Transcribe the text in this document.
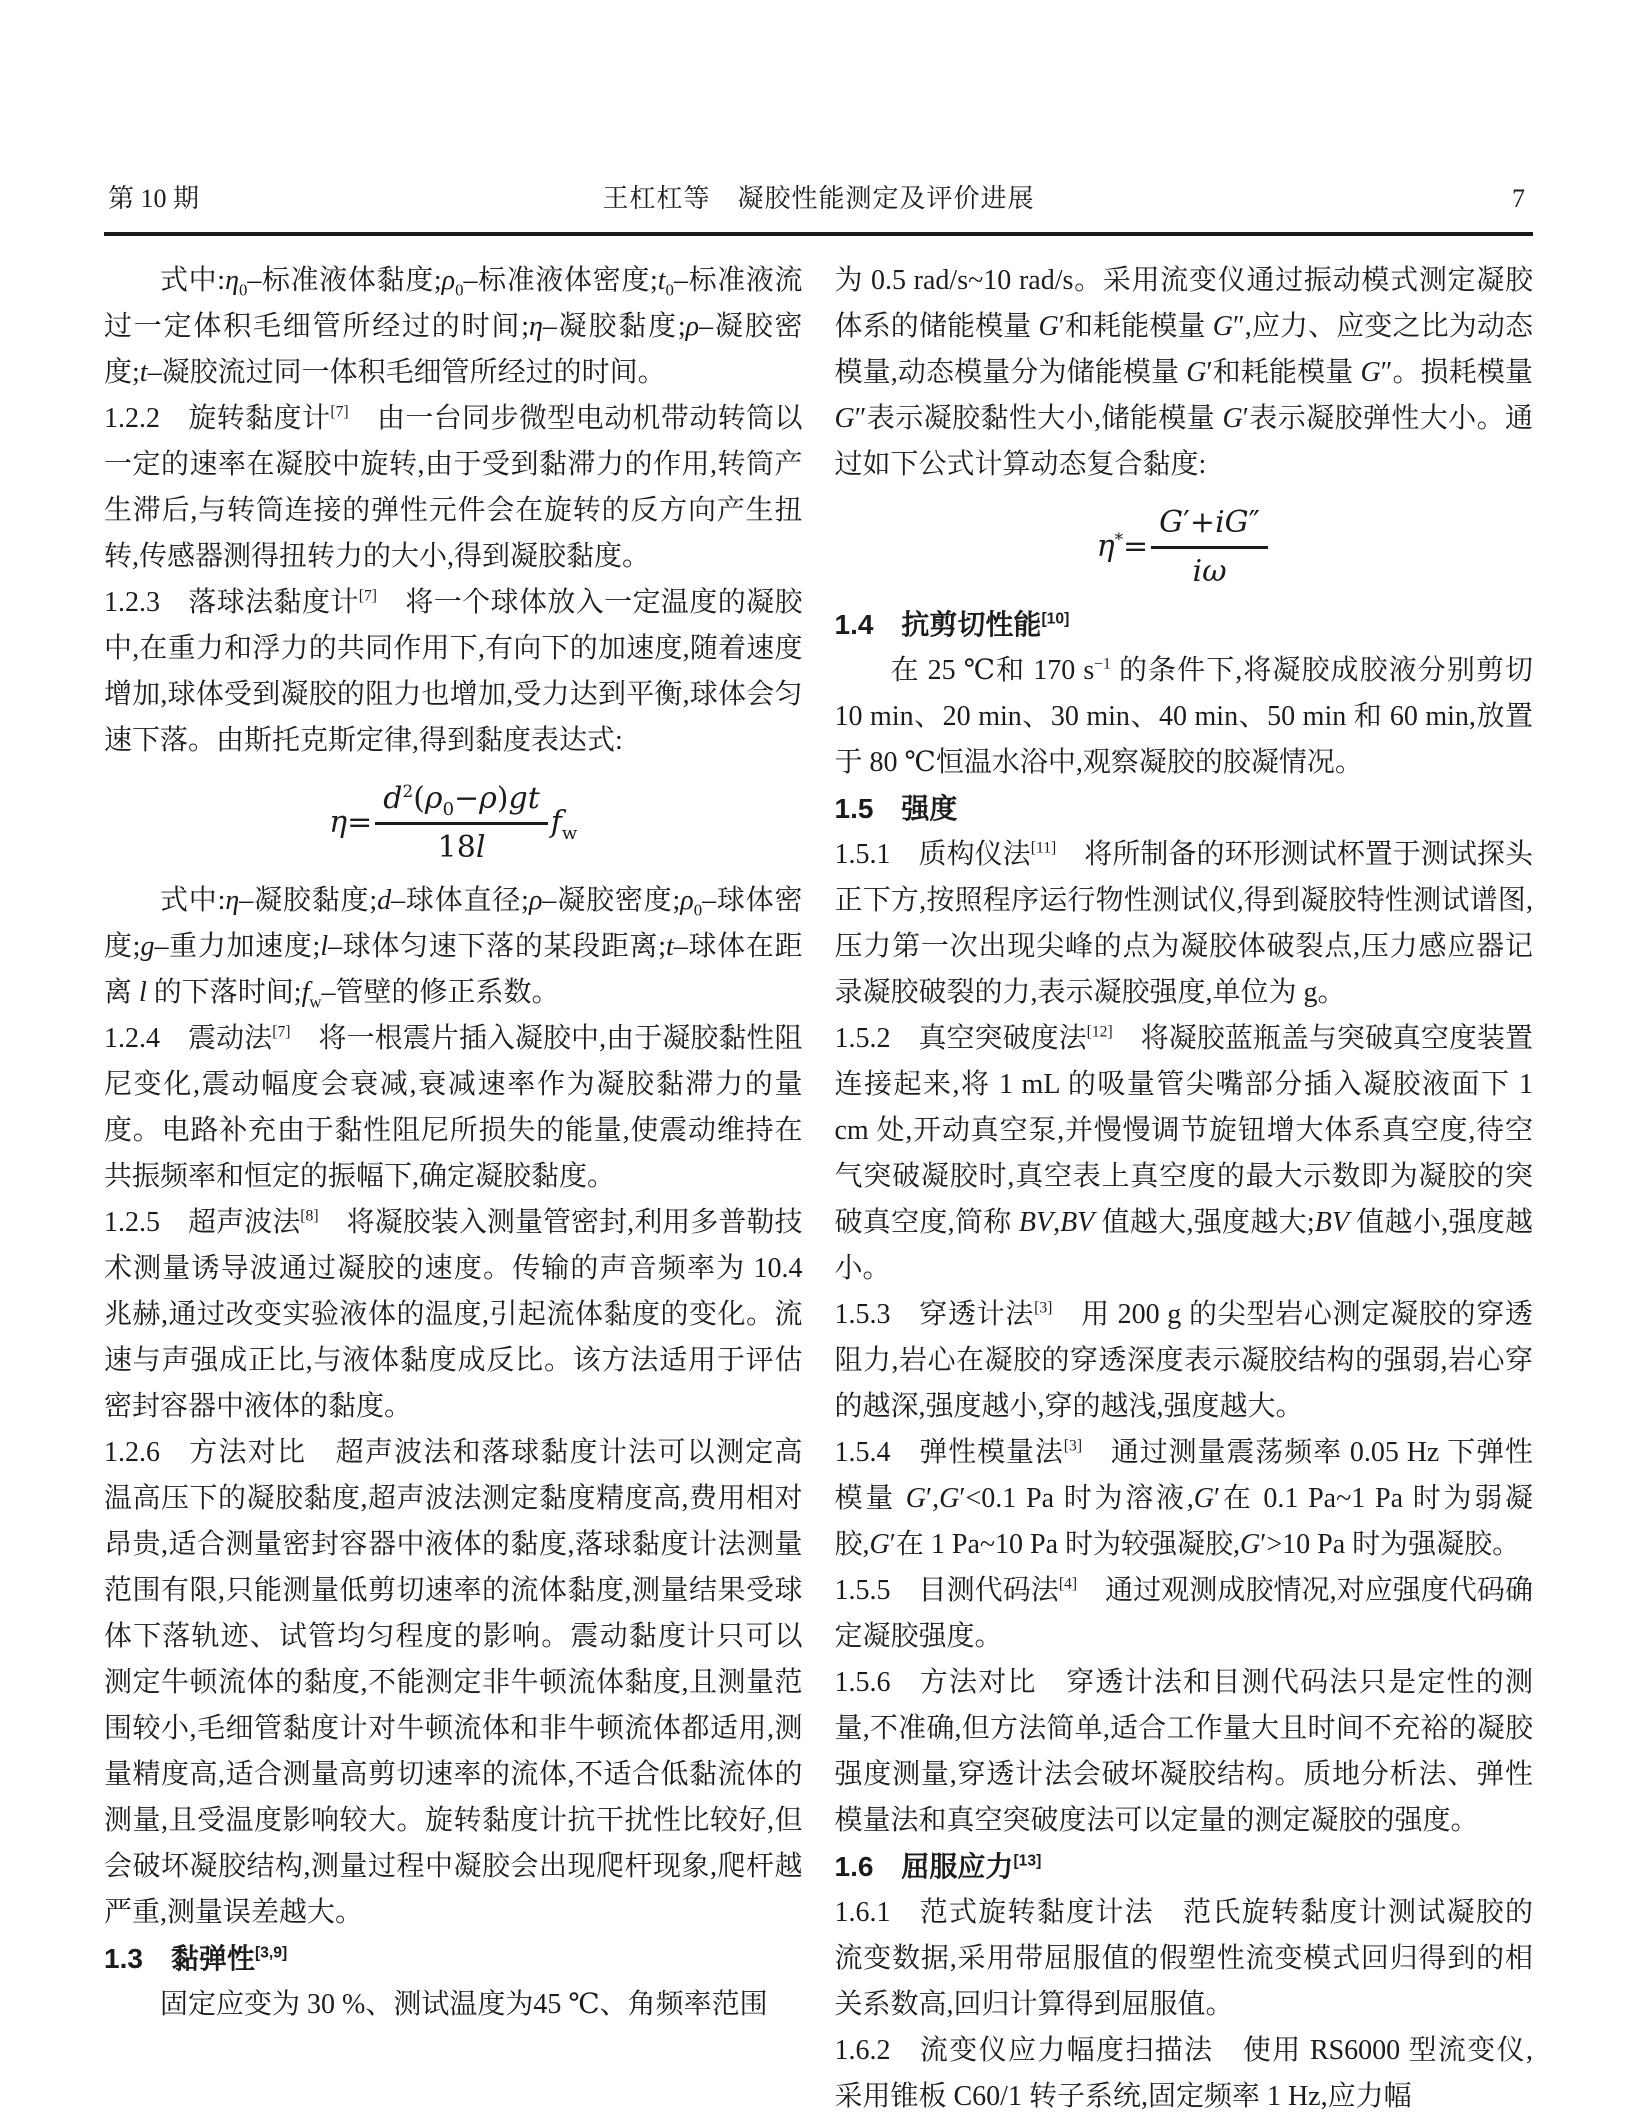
第 10 期	王杠杠等 凝胶性能测定及评价进展	7

式中$:\eta_0-$标准液体黏度$;\rho_0-$标准液体密度$;t_0-$标准液流过一定体积毛细管所经过的时间;η–凝胶黏度;ρ–凝胶密度;t–凝胶流过同一体积毛细管所经过的时间。

1.2.2 旋转黏度计[7] 由一台同步微型电动机带动转筒以一定的速率在凝胶中旋转,由于受到黏滞力的作用,转筒产生滞后,与转筒连接的弹性元件会在旋转的反方向产生扭转,传感器测得扭转力的大小,得到凝胶黏度。

1.2.3 落球法黏度计[7] 将一个球体放入一定温度的凝胶中,在重力和浮力的共同作用下,有向下的加速度,随着速度增加,球体受到凝胶的阻力也增加,受力达到平衡,球体会匀速下落。由斯托克斯定律,得到黏度表达式:

$\eta= \frac{d^2(\rho_0-\rho)gt}{18l} f_w$

式中:η–凝胶黏度;d–球体直径;ρ–凝胶密度$;\rho_0-$球体密度;g–重力加速度;l–球体匀速下落的某段距离;t–球体在距离 l 的下落时间$;f_w-$管壁的修正系数。

1.2.4 震动法[7] 将一根震片插入凝胶中,由于凝胶黏性阻尼变化,震动幅度会衰减,衰减速率作为凝胶黏滞力的量度。电路补充由于黏性阻尼所损失的能量,使震动维持在共振频率和恒定的振幅下,确定凝胶黏度。

1.2.5 超声波法[8] 将凝胶装入测量管密封,利用多普勒技术测量诱导波通过凝胶的速度。传输的声音频率为 10.4 兆赫,通过改变实验液体的温度,引起流体黏度的变化。流速与声强成正比,与液体黏度成反比。该方法适用于评估密封容器中液体的黏度。

1.2.6 方法对比 超声波法和落球黏度计法可以测定高温高压下的凝胶黏度,超声波法测定黏度精度高,费用相对昂贵,适合测量密封容器中液体的黏度,落球黏度计法测量范围有限,只能测量低剪切速率的流体黏度,测量结果受球体下落轨迹、试管均匀程度的影响。震动黏度计只可以测定牛顿流体的黏度,不能测定非牛顿流体黏度,且测量范围较小,毛细管黏度计对牛顿流体和非牛顿流体都适用,测量精度高,适合测量高剪切速率的流体,不适合低黏流体的测量,且受温度影响较大。旋转黏度计抗干扰性比较好,但会破坏凝胶结构,测量过程中凝胶会出现爬杆现象,爬杆越严重,测量误差越大。

1.3 黏弹性[3,9]

固定应变为 30 %、测试温度为45 ℃、角频率范围

为 0.5 rad/s~10 rad/s。采用流变仪通过振动模式测定凝胶体系的储能模量 G′和耗能模量 G″,应力、应变之比为动态模量,动态模量分为储能模量 G′和耗能模量 G″。损耗模量 G″表示凝胶黏性大小,储能模量 G′表示凝胶弹性大小。通过如下公式计算动态复合黏度:

$\eta^*= \frac{G'+iG''}{i\omega}$

1.4 抗剪切性能[10]

在 25 ℃和 170 $s^{-1}$ 的条件下,将凝胶成胶液分别剪切 10 min、20 min、30 min、40 min、50 min 和 60 min,放置于 80 ℃恒温水浴中,观察凝胶的胶凝情况。

1.5 强度

1.5.1 质构仪法[11] 将所制备的环形测试杯置于测试探头正下方,按照程序运行物性测试仪,得到凝胶特性测试谱图,压力第一次出现尖峰的点为凝胶体破裂点,压力感应器记录凝胶破裂的力,表示凝胶强度,单位为 g。

1.5.2 真空突破度法[12] 将凝胶蓝瓶盖与突破真空度装置连接起来,将 1 mL 的吸量管尖嘴部分插入凝胶液面下 1 cm 处,开动真空泵,并慢慢调节旋钮增大体系真空度,待空气突破凝胶时,真空表上真空度的最大示数即为凝胶的突破真空度,简称 BV,BV 值越大,强度越大;BV 值越小,强度越小。

1.5.3 穿透计法[3] 用 200 g 的尖型岩心测定凝胶的穿透阻力,岩心在凝胶的穿透深度表示凝胶结构的强弱,岩心穿的越深,强度越小,穿的越浅,强度越大。

1.5.4 弹性模量法[3] 通过测量震荡频率 0.05 Hz 下弹性模量 G′,G′<0.1 Pa 时为溶液,G′在 0.1 Pa~1 Pa 时为弱凝胶,G′在 1 Pa~10 Pa 时为较强凝胶,G′>10 Pa 时为强凝胶。

1.5.5 目测代码法[4] 通过观测成胶情况,对应强度代码确定凝胶强度。

1.5.6 方法对比 穿透计法和目测代码法只是定性的测量,不准确,但方法简单,适合工作量大且时间不充裕的凝胶强度测量,穿透计法会破坏凝胶结构。质地分析法、弹性模量法和真空突破度法可以定量的测定凝胶的强度。

1.6 屈服应力[13]

1.6.1 范式旋转黏度计法 范氏旋转黏度计测试凝胶的流变数据,采用带屈服值的假塑性流变模式回归得到的相关系数高,回归计算得到屈服值。

1.6.2 流变仪应力幅度扫描法 使用 RS6000 型流变仪,采用锥板 C60/1 转子系统,固定频率 1 Hz,应力幅
